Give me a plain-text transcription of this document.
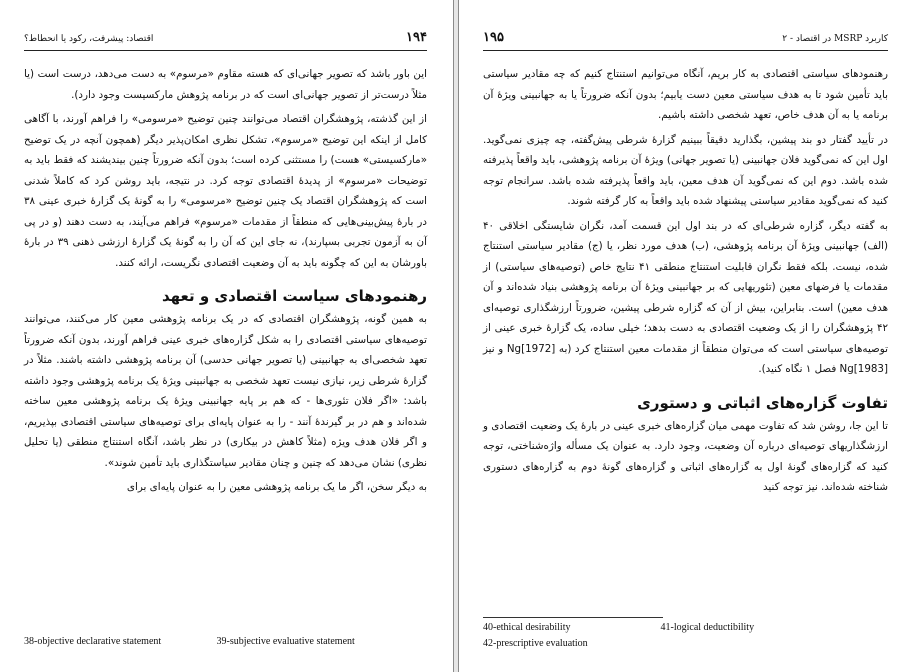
۱۹۴
اقتصاد: پیشرفت، رکود یا انحطاط؟

این باور باشد که تصویر جهانی‌ای که هسته مقاوم «مرسوم» به دست می‌دهد، درست است (یا مثلاً درست‌تر از تصویر جهانی‌ای است که در برنامه پژوهش مارکسیست وجود دارد).

از این گذشته، پژوهشگران اقتصاد می‌توانند چنین توضیح «مرسومی» را فراهم آورند، با آگاهی کامل از اینکه این توضیح «مرسوم»، تشکل نظری امکان‌پذیر دیگر (همچون آنچه در یک توضیح «مارکسیستی» هست) را مستثنی کرده است؛ بدون آنکه ضرورتاً چنین بیندیشند که فقط باید به توضیحات «مرسوم» از پدیدهٔ اقتصادی توجه کرد. در نتیجه، باید روشن کرد که کاملاً شدنی است که پژوهشگران اقتصاد یک چنین توضیح «مرسومی» را به گونهٔ یک گزارهٔ خبری عینی ۳۸ در بارهٔ پیش‌بینی‌هایی که منطقاً از مقدمات «مرسوم» فراهم می‌آیند، به دست دهند (و در پی آن به آزمون تجربی بسپارند)، نه جای این که آن را به گونهٔ یک گزارهٔ ارزشی ذهنی ۳۹ در بارهٔ باورشان به این که چگونه باید به آن وضعیت اقتصادی نگریست، ارائه کنند.

رهنمودهای سیاست اقتصادی و تعهد

به همین گونه، پژوهشگران اقتصادی که در یک برنامه پژوهشی معین کار می‌کنند، می‌توانند توصیه‌های سیاستی اقتصادی را به شکل گزاره‌های خبری عینی فراهم آورند، بدون آنکه ضرورتاً تعهد شخصی‌ای به جهانبینی (یا تصویر جهانی حدسی) آن برنامه پژوهشی داشته باشند. مثلاً در گزارهٔ شرطی زیر، نیازی نیست تعهد شخصی به جهانبینی ویژهٔ یک برنامه پژوهشی وجود داشته باشد: «اگر فلان تئوری‌ها - که هم بر پایه جهانبینی ویژهٔ یک برنامه پژوهشی معین ساخته شده‌اند و هم در بر گیرندهٔ آنند - را به عنوان پایه‌ای برای توصیه‌های سیاستی اقتصادی بپذیریم، و اگر فلان هدف ویژه (مثلاً کاهش در بیکاری) در نظر باشد، آنگاه استنتاج منطقی (یا تحلیل نظری) نشان می‌دهد که چنین و چنان مقادیر سیاستگذاری باید تأمین شوند».

به دیگر سخن، اگر ما یک برنامه پژوهشی معین را به عنوان پایه‌ای برای

38-objective declarative statement	39-subjective evaluative statement
۱۹۵	کاربرد MSRP در اقتصاد - ۲

رهنمودهای سیاستی اقتصادی به کار بریم، آنگاه می‌توانیم استنتاج کنیم که چه مقادیر سیاستی باید تأمین شود تا به هدف سیاستی معین دست یابیم؛ بدون آنکه ضرورتاً یا به جهانبینی ویژهٔ آن برنامه یا به آن هدف خاص، تعهد شخصی داشته باشیم.

در تأیید گفتار دو بند پیشین، بگذارید دقیقاً ببینیم گزارهٔ شرطی پیش‌گفته، چه چیزی نمی‌گوید. اول این که نمی‌گوید فلان جهانبینی (یا تصویر جهانی) ویژهٔ آن برنامه پژوهشی، باید واقعاً پذیرفته شده باشد. دوم این که نمی‌گوید آن هدف معین، باید واقعاً پذیرفته شده باشد. سرانجام توجه کنید که نمی‌گوید مقادیر سیاستی پیشنهاد شده باید واقعاً به کار گرفته شوند.

به گفته دیگر، گزاره شرطی‌ای که در بند اول این قسمت آمد، نگران شایستگی اخلاقی ۴۰ (الف) جهانبینی ویژهٔ آن برنامه پژوهشی، (ب) هدف مورد نظر، یا (ج) مقادیر سیاستی استنتاج شده، نیست. بلکه فقط نگران قابلیت استنتاج منطقی ۴۱ نتایج خاص (توصیه‌های سیاستی) از مقدمات یا فرضهای معین (تئوریهایی که بر جهانبینی ویژهٔ آن برنامه پژوهشی بنیاد شده‌اند و آن هدف معین) است. بنابراین، بیش از آن که گزاره شرطی پیشین، ضرورتاً ارزشگذاری توصیه‌ای ۴۲ پژوهشگران را از یک وضعیت اقتصادی به دست بدهد؛ خیلی ساده، یک گزارهٔ خبری عینی از توصیه‌های سیاستی است که می‌توان منطقاً از مقدمات معین استنتاج کرد (به Ng[1972] و نیز Ng[1983] فصل ۱ نگاه کنید).

تفاوت گزاره‌های اثباتی و دستوری

تا این جا، روشن شد که تفاوت مهمی میان گزاره‌های خبری عینی در بارهٔ یک وضعیت اقتصادی و ارزشگذاریهای توصیه‌ای درباره آن وضعیت، وجود دارد. به عنوان یک مسأله واژه‌شناختی، توجه کنید که گزاره‌های گونهٔ اول به گزاره‌های اثباتی و گزاره‌های گونهٔ دوم به گزاره‌های دستوری شناخته شده‌اند. نیز توجه کنید

40-ethical desirability	41-logical deductibility
42-prescriptive evaluation
